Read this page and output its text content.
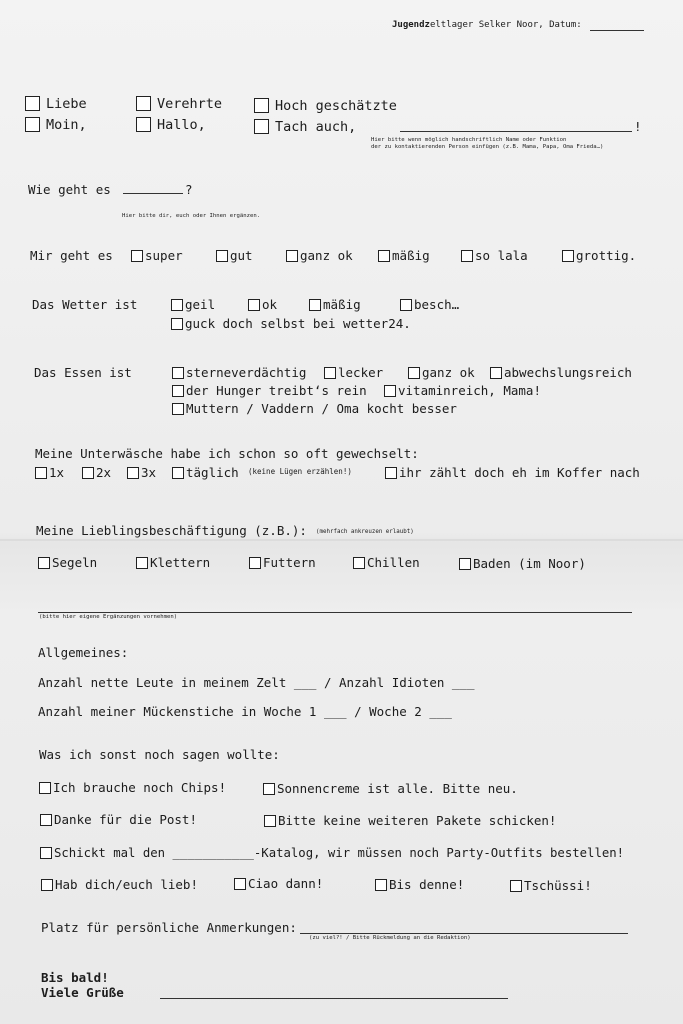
Jugendzeltlager Selker Noor, Datum:
Liebe	Verehrte	Hoch geschätzte
Moin,	Hallo,	Tach auch,	!
Hier bitte wenn möglich handschriftlich Name oder Funktion
der zu kontaktierenden Person einfügen (z.B. Mama, Papa, Oma Frieda…)
Wie geht es	?
Hier bitte dir, euch oder Ihnen ergänzen.
Mir geht es	super	gut	ganz ok	mäßig	so lala	grottig.
Das Wetter ist	geil	ok	mäßig	besch…
guck doch selbst bei wetter24.
Das Essen ist	sterneverdächtig	lecker	ganz ok	abwechslungsreich
der Hunger treibt‘s rein	vitaminreich, Mama!
Muttern / Vaddern / Oma kocht besser
Meine Unterwäsche habe ich schon so oft gewechselt:
1x	2x	3x	täglich (keine Lügen erzählen!)	ihr zählt doch eh im Koffer nach
Meine Lieblingsbeschäftigung (z.B.): (mehrfach ankreuzen erlaubt)
Segeln	Klettern	Futtern	Chillen	Baden (im Noor)
(bitte hier eigene Ergänzungen vornehmen)
Allgemeines:
Anzahl nette Leute in meinem Zelt ___ / Anzahl Idioten ___
Anzahl meiner Mückenstiche in Woche 1 ___ / Woche 2 ___
Was ich sonst noch sagen wollte:
Ich brauche noch Chips!	Sonnencreme ist alle. Bitte neu.
Danke für die Post!	Bitte keine weiteren Pakete schicken!
Schickt mal den ___________-Katalog, wir müssen noch Party-Outfits bestellen!
Hab dich/euch lieb!	Ciao dann!	Bis denne!	Tschüssi!
Platz für persönliche Anmerkungen:
(zu viel?! / Bitte Rückmeldung an die Redaktion)
Bis bald!
Viele Grüße
